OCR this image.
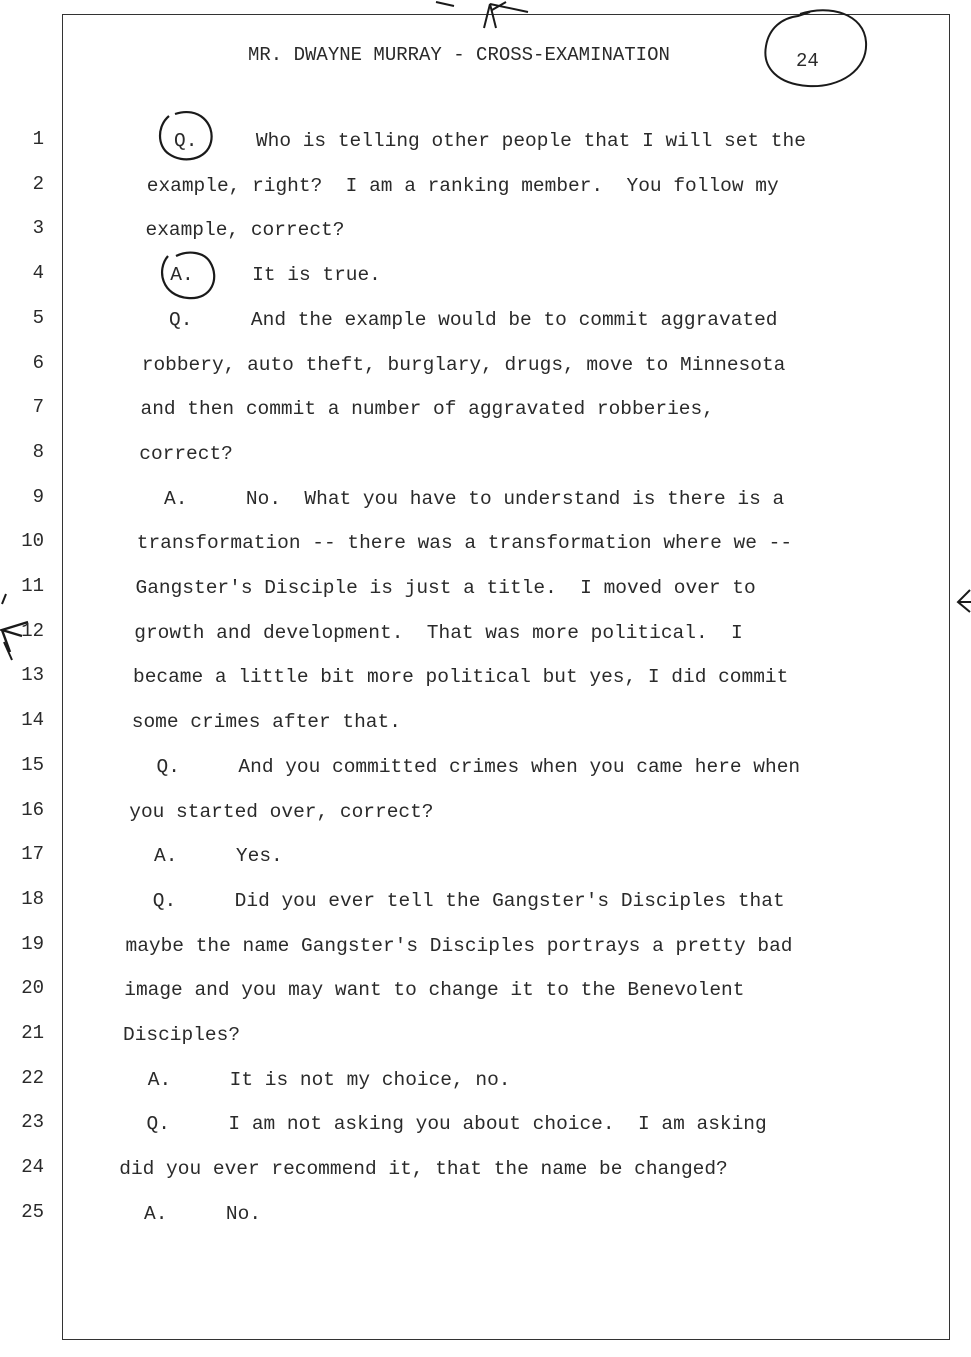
MR. DWAYNE MURRAY - CROSS-EXAMINATION	24
1	Q.     Who is telling other people that I will set the
2	example, right?  I am a ranking member.  You follow my
3	example, correct?
4	A.     It is true.
5	Q.     And the example would be to commit aggravated
6	robbery, auto theft, burglary, drugs, move to Minnesota
7	and then commit a number of aggravated robberies,
8	correct?
9	A.     No.  What you have to understand is there is a
10	transformation -- there was a transformation where we --
11	Gangster's Disciple is just a title.  I moved over to
12	growth and development.  That was more political.  I
13	became a little bit more political but yes, I did commit
14	some crimes after that.
15	Q.     And you committed crimes when you came here when
16	you started over, correct?
17	A.     Yes.
18	Q.     Did you ever tell the Gangster's Disciples that
19	maybe the name Gangster's Disciples portrays a pretty bad
20	image and you may want to change it to the Benevolent
21	Disciples?
22	A.     It is not my choice, no.
23	Q.     I am not asking you about choice.  I am asking
24	did you ever recommend it, that the name be changed?
25	A.     No.
